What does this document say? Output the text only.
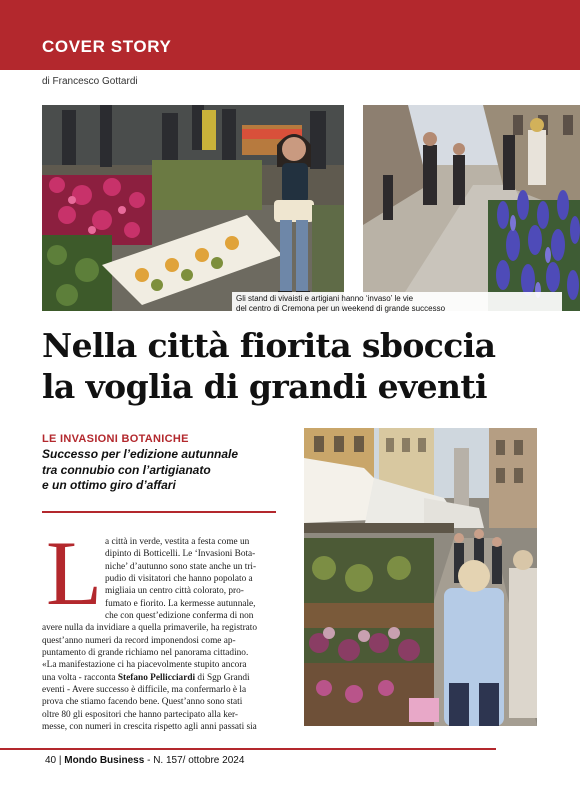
COVER STORY
di Francesco Gottardi
Gli stand di vivaisti e artigiani hanno ‘invaso’ le vie
del centro di Cremona per un weekend di grande successo
Nella città fiorita sboccia
la voglia di grandi eventi
LE INVASIONI BOTANICHE
Successo per l’edizione autunnale
tra connubio con l’artigianato
e un ottimo giro d’affari
L a città in verde, vestita a festa come un
dipinto di Botticelli. Le ‘Invasioni Bota-
niche’ d’autunno sono state anche un tri-
pudio di visitatori che hanno popolato a
migliaia un centro città colorato, pro-
fumato e fiorito. La kermesse autunnale,
che con quest’edizione conferma di non
avere nulla da invidiare a quella primaverile, ha registrato
quest’anno numeri da record imponendosi come ap-
puntamento di grande richiamo nel panorama cittadino.
«La manifestazione ci ha piacevolmente stupito ancora
una volta - racconta Stefano Pellicciardi di Sgp Grandi
eventi - Avere successo è difficile, ma confermarlo è la
prova che stiamo facendo bene. Quest’anno sono stati
oltre 80 gli espositori che hanno partecipato alla ker-
messe, con numeri in crescita rispetto agli anni passati sia
40 | Mondo Business - N. 157/ ottobre 2024
